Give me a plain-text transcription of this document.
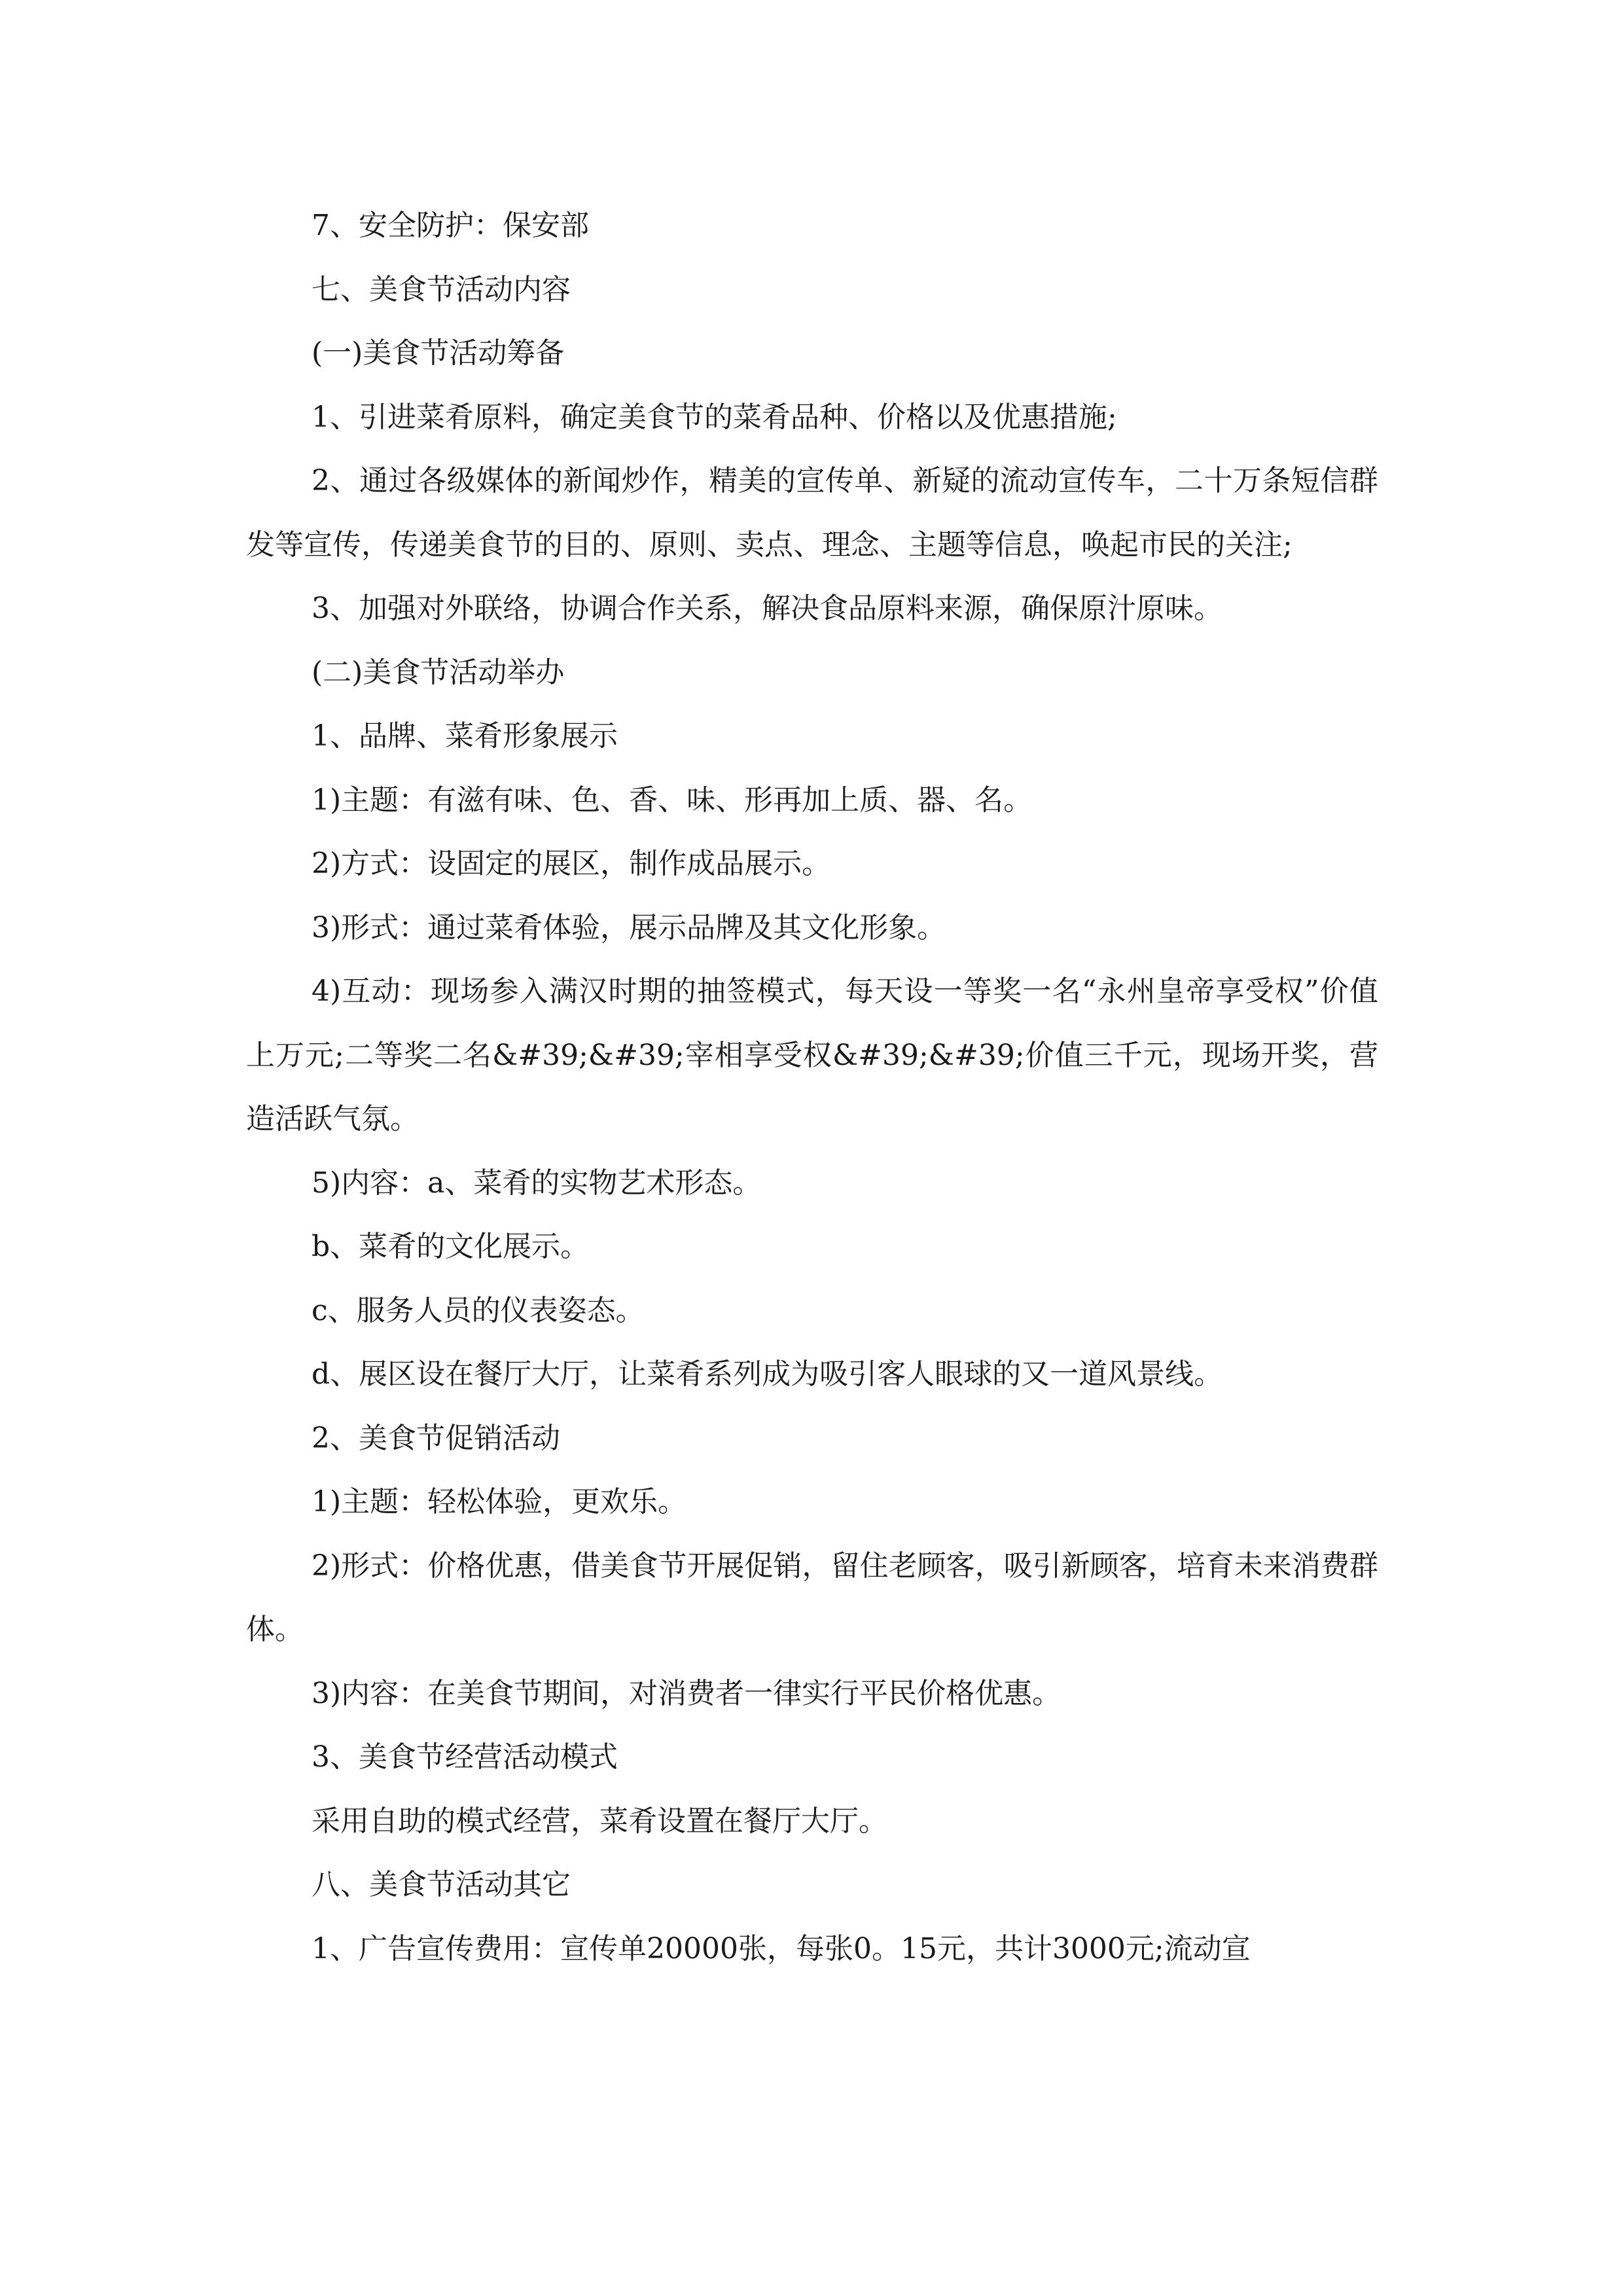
7、安全防护：保安部

七、美食节活动内容

(一)美食节活动筹备

1、引进菜肴原料，确定美食节的菜肴品种、价格以及优惠措施;

2、通过各级媒体的新闻炒作，精美的宣传单、新疑的流动宣传车，二十万条短信群发等宣传，传递美食节的目的、原则、卖点、理念、主题等信息，唤起市民的关注;

3、加强对外联络，协调合作关系，解决食品原料来源，确保原汁原味。

(二)美食节活动举办

1、品牌、菜肴形象展示

1)主题：有滋有味、色、香、味、形再加上质、器、名。

2)方式：设固定的展区，制作成品展示。

3)形式：通过菜肴体验，展示品牌及其文化形象。

4)互动：现场参入满汉时期的抽签模式，每天设一等奖一名“永州皇帝享受权”价值上万元;二等奖二名&#39;&#39;宰相享受权&#39;&#39;价值三千元，现场开奖，营造活跃气氛。

5)内容：a、菜肴的实物艺术形态。

b、菜肴的文化展示。

c、服务人员的仪表姿态。

d、展区设在餐厅大厅，让菜肴系列成为吸引客人眼球的又一道风景线。

2、美食节促销活动

1)主题：轻松体验，更欢乐。

2)形式：价格优惠，借美食节开展促销，留住老顾客，吸引新顾客，培育未来消费群体。

3)内容：在美食节期间，对消费者一律实行平民价格优惠。

3、美食节经营活动模式

采用自助的模式经营，菜肴设置在餐厅大厅。

八、美食节活动其它

1、广告宣传费用：宣传单20000张，每张0。15元，共计3000元;流动宣
